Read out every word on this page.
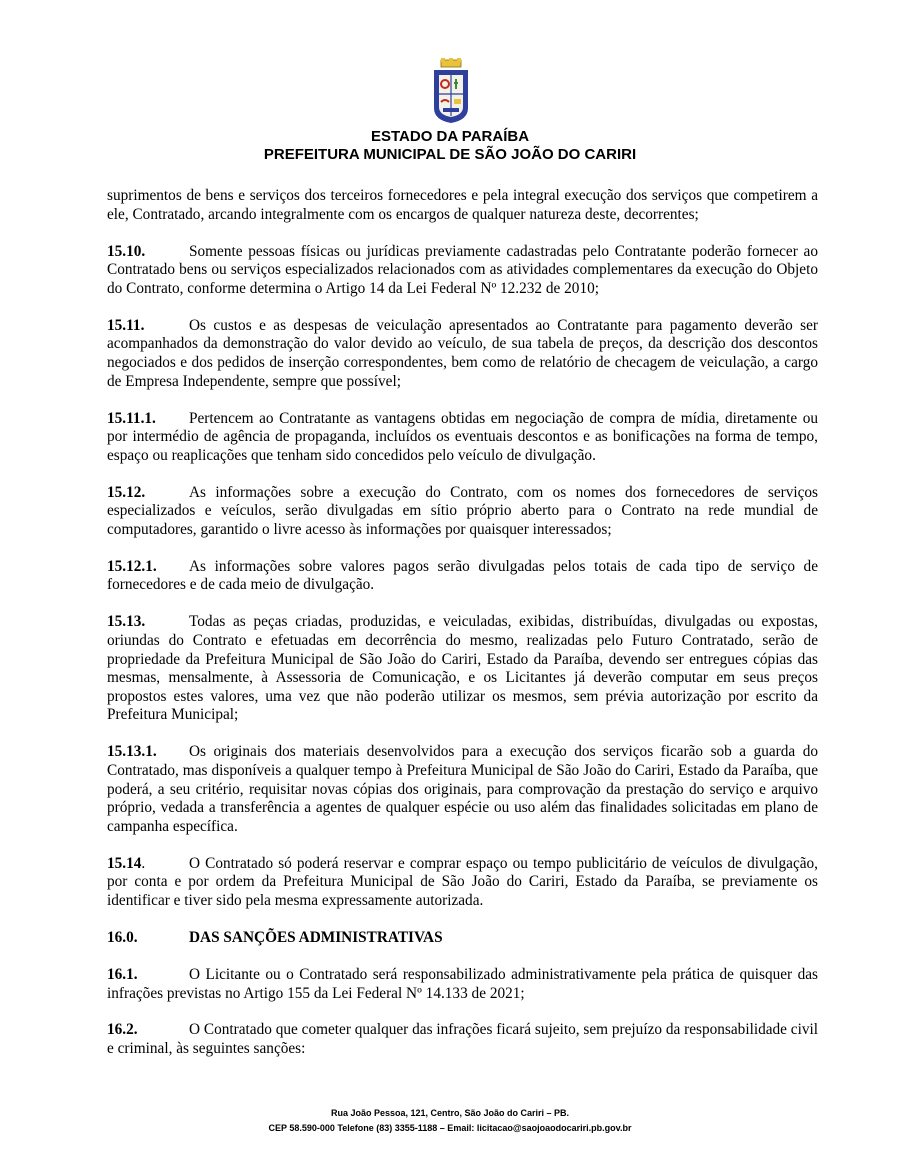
ESTADO DA PARAÍBA
PREFEITURA MUNICIPAL DE SÃO JOÃO DO CARIRI

suprimentos de bens e serviços dos terceiros fornecedores e pela integral execução dos serviços que competirem a ele, Contratado, arcando integralmente com os encargos de qualquer natureza deste, decorrentes;

15.10.	Somente pessoas físicas ou jurídicas previamente cadastradas pelo Contratante poderão fornecer ao Contratado bens ou serviços especializados relacionados com as atividades complementares da execução do Objeto do Contrato, conforme determina o Artigo 14 da Lei Federal Nº 12.232 de 2010;

15.11.	Os custos e as despesas de veiculação apresentados ao Contratante para pagamento deverão ser acompanhados da demonstração do valor devido ao veículo, de sua tabela de preços, da descrição dos descontos negociados e dos pedidos de inserção correspondentes, bem como de relatório de checagem de veiculação, a cargo de Empresa Independente, sempre que possível;

15.11.1. Pertencem ao Contratante as vantagens obtidas em negociação de compra de mídia, diretamente ou por intermédio de agência de propaganda, incluídos os eventuais descontos e as bonificações na forma de tempo, espaço ou reaplicações que tenham sido concedidos pelo veículo de divulgação.

15.12.	As informações sobre a execução do Contrato, com os nomes dos fornecedores de serviços especializados e veículos, serão divulgadas em sítio próprio aberto para o Contrato na rede mundial de computadores, garantido o livre acesso às informações por quaisquer interessados;

15.12.1. As informações sobre valores pagos serão divulgadas pelos totais de cada tipo de serviço de fornecedores e de cada meio de divulgação.

15.13.	Todas as peças criadas, produzidas, e veiculadas, exibidas, distribuídas, divulgadas ou expostas, oriundas do Contrato e efetuadas em decorrência do mesmo, realizadas pelo Futuro Contratado, serão de propriedade da Prefeitura Municipal de São João do Cariri, Estado da Paraíba, devendo ser entregues cópias das mesmas, mensalmente, à Assessoria de Comunicação, e os Licitantes já deverão computar em seus preços propostos estes valores, uma vez que não poderão utilizar os mesmos, sem prévia autorização por escrito da Prefeitura Municipal;

15.13.1. Os originais dos materiais desenvolvidos para a execução dos serviços ficarão sob a guarda do Contratado, mas disponíveis a qualquer tempo à Prefeitura Municipal de São João do Cariri, Estado da Paraíba, que poderá, a seu critério, requisitar novas cópias dos originais, para comprovação da prestação do serviço e arquivo próprio, vedada a transferência a agentes de qualquer espécie ou uso além das finalidades solicitadas em plano de campanha específica.

15.14.	O Contratado só poderá reservar e comprar espaço ou tempo publicitário de veículos de divulgação, por conta e por ordem da Prefeitura Municipal de São João do Cariri, Estado da Paraíba, se previamente os identificar e tiver sido pela mesma expressamente autorizada.

16.0.	DAS SANÇÕES ADMINISTRATIVAS

16.1.	O Licitante ou o Contratado será responsabilizado administrativamente pela prática de quisquer das infrações previstas no Artigo 155 da Lei Federal Nº 14.133 de 2021;

16.2.	O Contratado que cometer qualquer das infrações ficará sujeito, sem prejuízo da responsabilidade civil e criminal, às seguintes sanções:

Rua João Pessoa, 121, Centro, São João do Cariri – PB.
CEP 58.590-000 Telefone (83) 3355-1188 – Email: licitacao@saojoaodocariri.pb.gov.br
